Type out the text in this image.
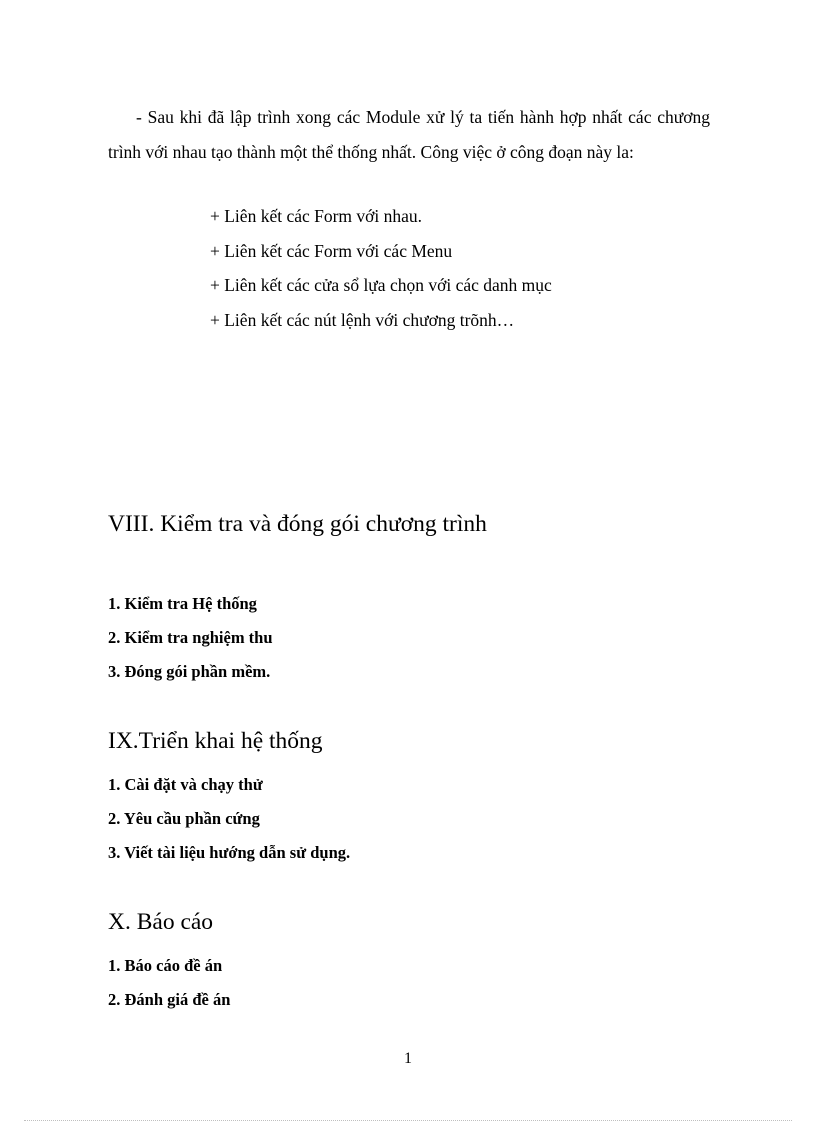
- Sau khi đã lập trình xong các Module xử lý ta tiến hành hợp nhất các chương trình với nhau tạo thành một thể thống nhất. Công việc ở công đoạn này la:

+ Liên kết các Form với nhau.
+ Liên kết các Form với các Menu
+ Liên kết các cửa sổ lựa chọn với các danh mục
+ Liên kết các nút lệnh với chương trõnh…
VIII. Kiểm tra và đóng gói chương trình
1. Kiểm tra Hệ thống
2. Kiểm tra nghiệm thu
3. Đóng gói phần mềm.
IX.Triển khai hệ thống
1. Cài đặt và chạy thử
2. Yêu cầu phần cứng
3. Viết tài liệu hướng dẫn sử dụng.
X. Báo cáo
1. Báo cáo đề án
2. Đánh giá đề án

1
